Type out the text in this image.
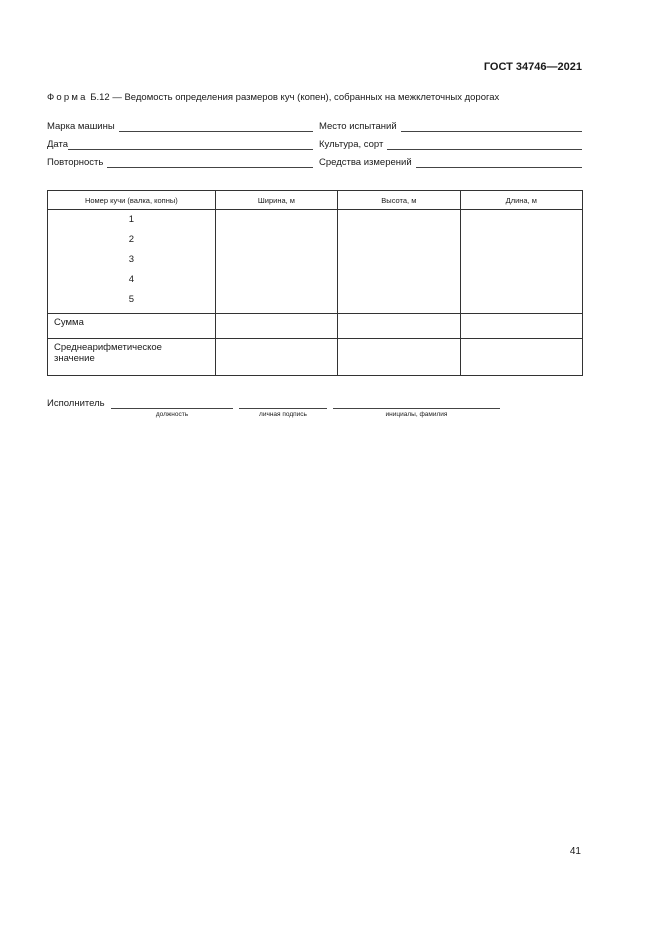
ГОСТ 34746—2021
Форма Б.12 — Ведомость определения размеров куч (копен), собранных на межклеточных дорогах
Марка машины	Место испытаний
Дата	Культура, сорт
Повторность	Средства измерений
Номер кучи (валка, копны)	Ширина, м	Высота, м	Длина, м

1
2
3
4
5			

Сумма			

Среднеарифметическое
значение			

Исполнитель
должность	личная подпись	инициалы, фамилия
41
